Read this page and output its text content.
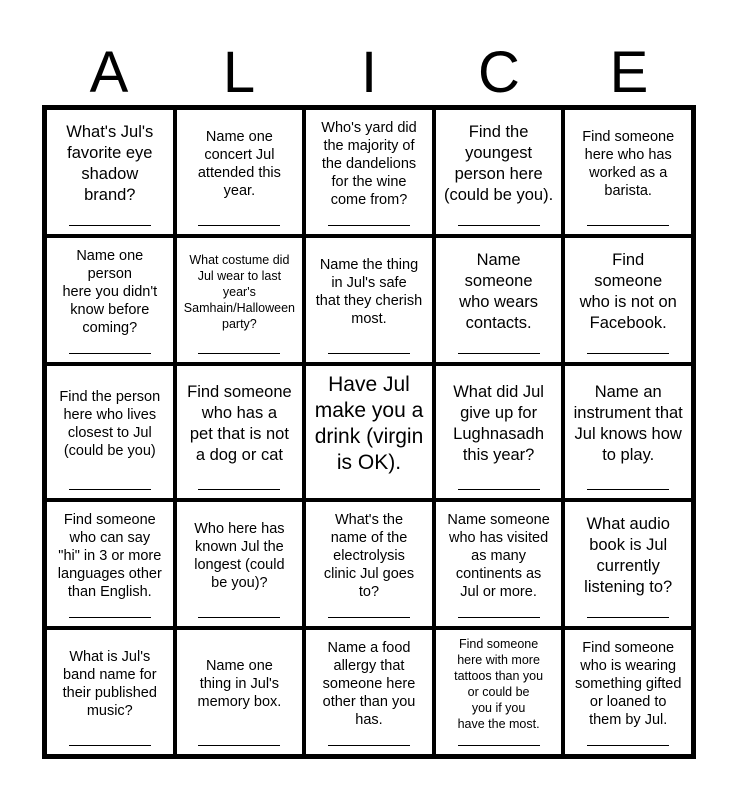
A	L	I	C	E
What's Jul's
favorite eye
shadow
brand?
Name one
concert Jul
attended this
year.
Who's yard did
the majority of
the dandelions
for the wine
come from?
Find the
youngest
person here
(could be you).
Find someone
here who has
worked as a
barista.
Name one
person
here you didn't
know before
coming?
What costume did
Jul wear to last
year's
Samhain/Halloween
party?
Name the thing
in Jul's safe
that they cherish
most.
Name someone
who wears
contacts.
Find
someone
who is not on
Facebook.
Find the person
here who lives
closest to Jul
(could be you)
Find someone
who has a
pet that is not
a dog or cat
Have Jul
make you a
drink (virgin
is OK).
What did Jul
give up for
Lughnasadh
this year?
Name an
instrument that
Jul knows how
to play.
Find someone
who can say
"hi" in 3 or more
languages other
than English.
Who here has
known Jul the
longest (could
be you)?
What's the
name of the
electrolysis
clinic Jul goes
to?
Name someone
who has visited
as many
continents as
Jul or more.
What audio
book is Jul
currently
listening to?
What is Jul's
band name for
their published
music?
Name one
thing in Jul's
memory box.
Name a food
allergy that
someone here
other than you
has.
Find someone
here with more
tattoos than you
or could be
you if you
have the most.
Find someone
who is wearing
something gifted
or loaned to
them by Jul.
